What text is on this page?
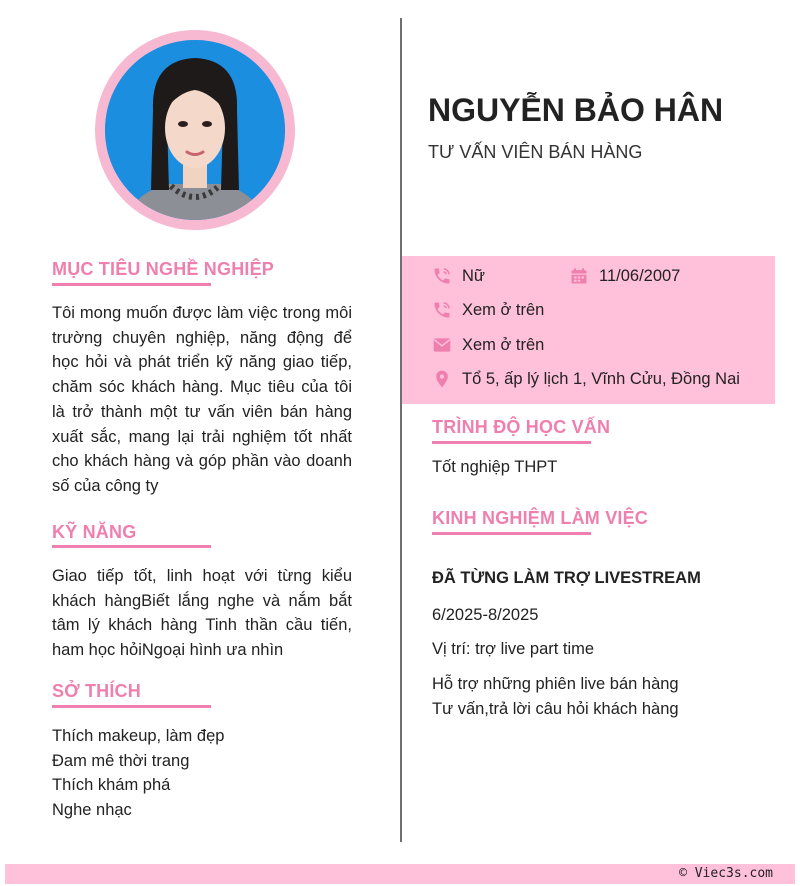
MỤC TIÊU NGHỀ NGHIỆP
Tôi mong muốn được làm việc trong môi trường chuyên nghiệp, năng động để học hỏi và phát triển kỹ năng giao tiếp, chăm sóc khách hàng. Mục tiêu của tôi là trở thành một tư vấn viên bán hàng xuất sắc, mang lại trải nghiệm tốt nhất cho khách hàng và góp phần vào doanh số của công ty
KỸ NĂNG
Giao tiếp tốt, linh hoạt với từng kiểu khách hàngBiết lắng nghe và nắm bắt tâm lý khách hàng Tinh thần cầu tiến, ham học hỏiNgoại hình ưa nhìn
SỞ THÍCH
Thích makeup, làm đẹp
Đam mê thời trang
Thích khám phá
Nghe nhạc
NGUYỄN BẢO HÂN
TƯ VẤN VIÊN BÁN HÀNG
Nữ	11/06/2007
Xem ở trên
Xem ở trên
Tổ 5, ấp lý lịch 1, Vĩnh Cửu, Đồng Nai
TRÌNH ĐỘ HỌC VẤN
Tốt nghiệp THPT
KINH NGHIỆM LÀM VIỆC
ĐÃ TỪNG LÀM TRỢ LIVESTREAM
6/2025-8/2025
Vị trí: trợ live part time
Hỗ trợ những phiên live bán hàng
Tư vấn,trả lời câu hỏi khách hàng
© Viec3s.com
